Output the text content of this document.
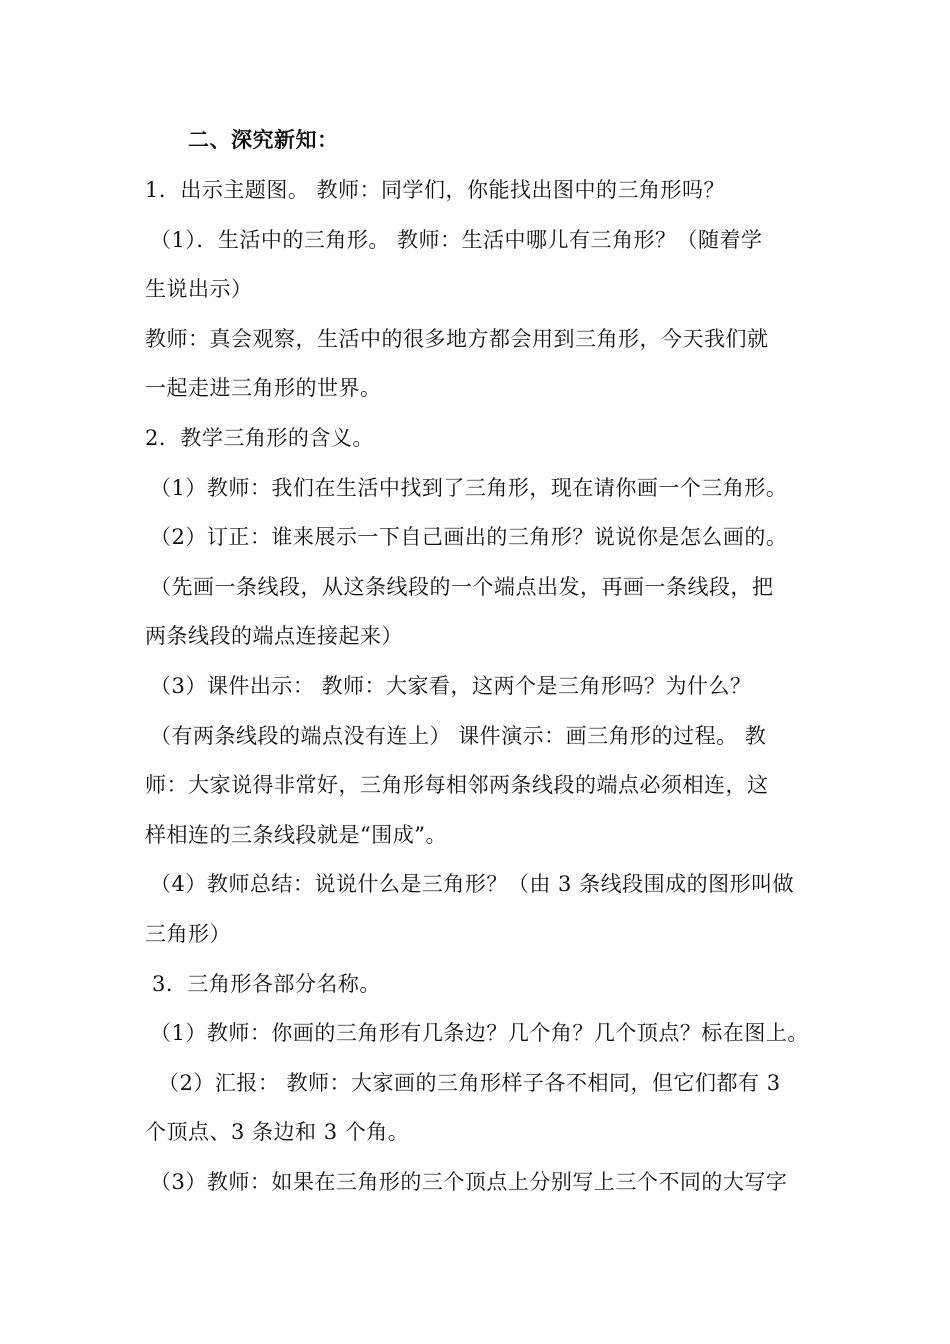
二、深究新知：
1．出示主题图。 教师：同学们，你能找出图中的三角形吗？
（1）．生活中的三角形。 教师：生活中哪儿有三角形？（随着学
生说出示）
教师：真会观察，生活中的很多地方都会用到三角形，今天我们就
一起走进三角形的世界。
2．教学三角形的含义。
（1）教师：我们在生活中找到了三角形，现在请你画一个三角形。
（2）订正：谁来展示一下自己画出的三角形？说说你是怎么画的。
（先画一条线段，从这条线段的一个端点出发，再画一条线段，把
两条线段的端点连接起来）
（3）课件出示： 教师：大家看，这两个是三角形吗？为什么？
（有两条线段的端点没有连上） 课件演示：画三角形的过程。 教
师：大家说得非常好，三角形每相邻两条线段的端点必须相连，这
样相连的三条线段就是“围成”。
（4）教师总结：说说什么是三角形？（由 3 条线段围成的图形叫做
三角形）
3．三角形各部分名称。
（1）教师：你画的三角形有几条边？几个角？几个顶点？标在图上。
（2）汇报： 教师：大家画的三角形样子各不相同，但它们都有 3
个顶点、3 条边和 3 个角。
（3）教师：如果在三角形的三个顶点上分别写上三个不同的大写字
